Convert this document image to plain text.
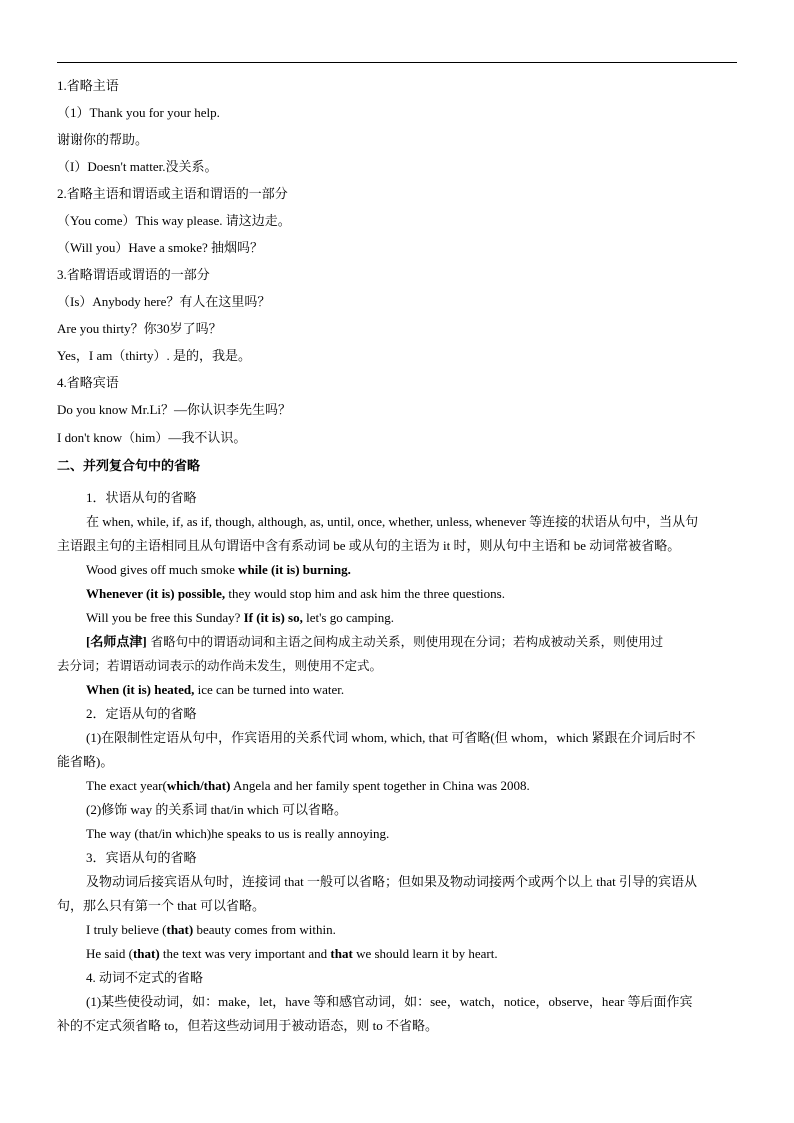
1.省略主语
（1）Thank you for your help.
谢谢你的帮助。
（I）Doesn't matter.没关系。
2.省略主语和谓语或主语和谓语的一部分
（You come）This way please. 请这边走。
（Will you）Have a smoke? 抽烟吗？
3.省略谓语或谓语的一部分
（Is）Anybody here？有人在这里吗？
Are you thirty？你30岁了吗？
Yes，I am（thirty）. 是的，我是。
4.省略宾语
Do you know Mr.Li？—你认识李先生吗？
I don't know（him）—我不认识。
二、并列复合句中的省略
1．状语从句的省略
在 when, while, if, as if, though, although, as, until, once, whether, unless, whenever 等连接的状语从句中，当从句
主语跟主句的主语相同且从句谓语中含有系动词 be 或从句的主语为 it 时，则从句中主语和 be 动词常被省略。
Wood gives off much smoke while (it is) burning.
Whenever (it is) possible, they would stop him and ask him the three questions.
Will you be free this Sunday? If (it is) so, let's go camping.
[名师点津] 省略句中的谓语动词和主语之间构成主动关系，则使用现在分词；若构成被动关系，则使用过
去分词；若谓语动词表示的动作尚未发生，则使用不定式。
When (it is) heated, ice can be turned into water.
2．定语从句的省略
(1)在限制性定语从句中，作宾语用的关系代词 whom, which, that 可省略(但 whom，which 紧跟在介词后时不
能省略)。
The exact year(which/that) Angela and her family spent together in China was 2008.
(2)修饰 way 的关系词 that/in which 可以省略。
The way (that/in which)he speaks to us is really annoying.
3．宾语从句的省略
及物动词后接宾语从句时，连接词 that 一般可以省略；但如果及物动词接两个或两个以上 that 引导的宾语从
句，那么只有第一个 that 可以省略。
I truly believe (that) beauty comes from within.
He said (that) the text was very important and that we should learn it by heart.
4. 动词不定式的省略
(1)某些使役动词，如：make，let，have 等和感官动词，如：see，watch，notice，observe，hear 等后面作宾
补的不定式须省略 to，但若这些动词用于被动语态，则 to 不省略。
